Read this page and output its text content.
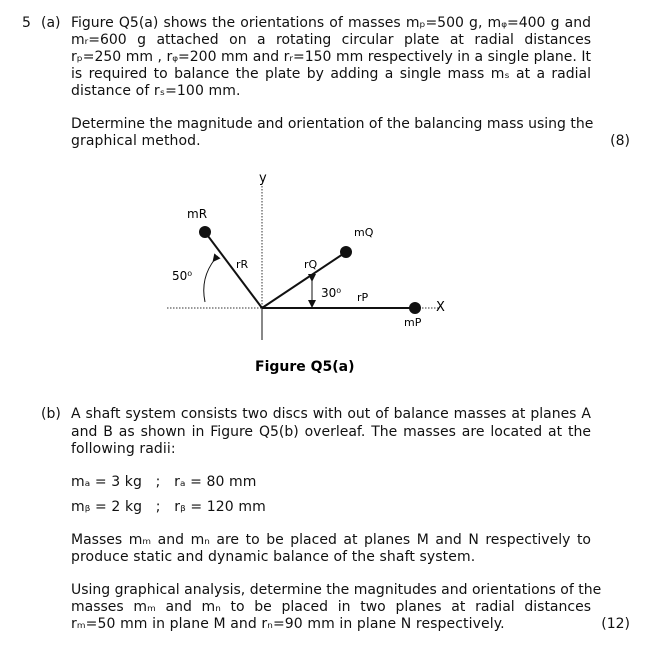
5 (a) Figure Q5(a) shows the orientations of masses mₚ=500 g, mᵩ=400 g and
mᵣ=600 g attached on a rotating circular plate at radial distances
rₚ=250 mm , rᵩ=200 mm and rᵣ=150 mm respectively in a single plane. It
is required to balance the plate by adding a single mass mₛ at a radial
distance of rₛ=100 mm.
Determine the magnitude and orientation of the balancing mass using the
graphical method.	(8)
y
X
mR
rR
50⁰
mQ
rQ
30⁰ rP
mP
Figure Q5(a)
(b) A shaft system consists two discs with out of balance masses at planes A
and B as shown in Figure Q5(b) overleaf. The masses are located at the
following radii:
mₐ = 3 kg   ;   rₐ = 80 mm
mᵦ = 2 kg   ;   rᵦ = 120 mm
Masses mₘ and mₙ are to be placed at planes M and N respectively to
produce static and dynamic balance of the shaft system.
Using graphical analysis, determine the magnitudes and orientations of the
masses mₘ and mₙ to be placed in two planes at radial distances
rₘ=50 mm in plane M and rₙ=90 mm in plane N respectively.	(12)
